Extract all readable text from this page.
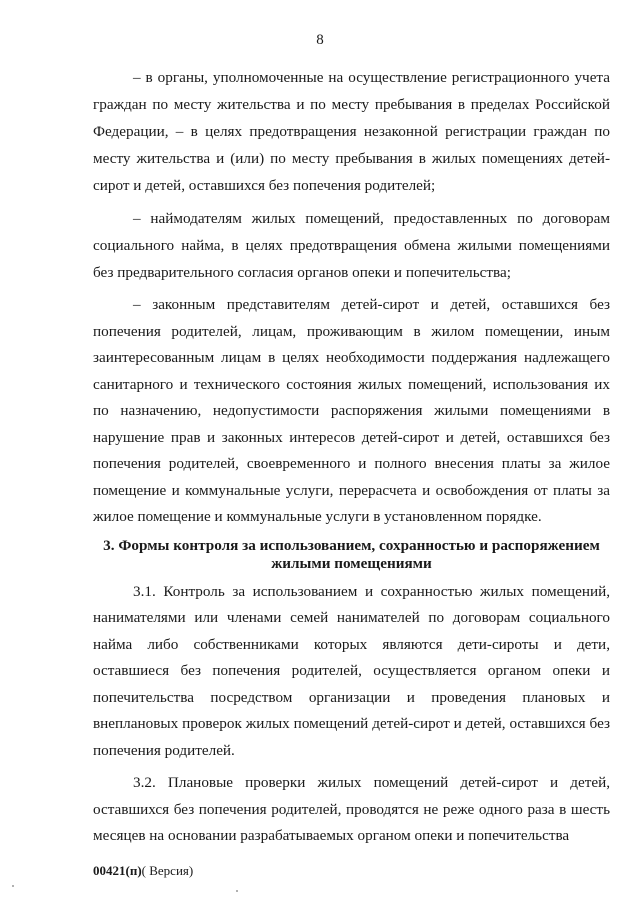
8

– в органы, уполномоченные на осуществление регистрационного учета граждан по месту жительства и по месту пребывания в пределах Российской Федерации, – в целях предотвращения незаконной регистрации граждан по месту жительства и (или) по месту пребывания в жилых помещениях детей-сирот и детей, оставшихся без попечения родителей;

– наймодателям жилых помещений, предоставленных по договорам социального найма, в целях предотвращения обмена жилыми помещениями без предварительного согласия органов опеки и попечительства;

– законным представителям детей-сирот и детей, оставшихся без попечения родителей, лицам, проживающим в жилом помещении, иным заинтересованным лицам в целях необходимости поддержания надлежащего санитарного и технического состояния жилых помещений, использования их по назначению, недопустимости распоряжения жилыми помещениями в нарушение прав и законных интересов детей-сирот и детей, оставшихся без попечения родителей, своевременного и полного внесения платы за жилое помещение и коммунальные услуги, перерасчета и освобождения от платы за жилое помещение и коммунальные услуги в установленном порядке.

3. Формы контроля за использованием, сохранностью и распоряжением жилыми помещениями

3.1. Контроль за использованием и сохранностью жилых помещений, нанимателями или членами семей нанимателей по договорам социального найма либо собственниками которых являются дети-сироты и дети, оставшиеся без попечения родителей, осуществляется органом опеки и попечительства посредством организации и проведения плановых и внеплановых проверок жилых помещений детей-сирот и детей, оставшихся без попечения родителей.

3.2. Плановые проверки жилых помещений детей-сирот и детей, оставшихся без попечения родителей, проводятся не реже одного раза в шесть месяцев на основании разрабатываемых органом опеки и попечительства

00421(п)( Версия)
